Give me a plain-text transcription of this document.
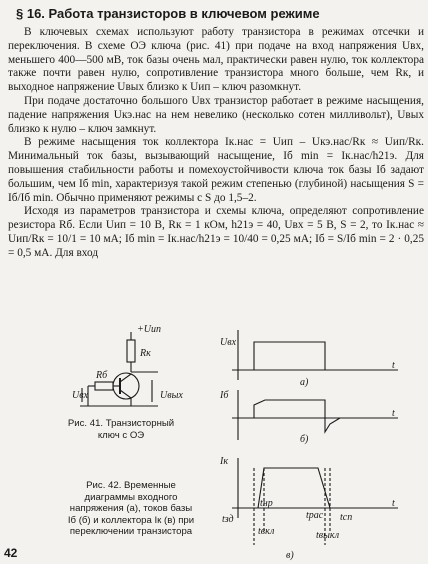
§ 16. Работа транзисторов в ключевом режиме

В ключевых схемах используют работу транзистора в режимах отсечки и переключения. В схеме ОЭ ключа (рис. 41) при подаче на вход напряжения Uвх, меньшего 400—500 мВ, ток базы очень мал, практически равен нулю, ток коллектора также почти равен нулю, сопротивление транзистора много больше, чем Rк, и выходное напряжение Uвых близко к Uип – ключ разомкнут.

При подаче достаточно большого Uвх транзистор работает в режиме насыщения, падение напряжения Uкэ.нас на нем невелико (несколько сотен милливольт), Uвых близко к нулю – ключ замкнут.

В режиме насыщения ток коллектора Iк.нас = Uип – Uкэ.нас/Rк ≈ Uип/Rк. Минимальный ток базы, вызывающий насыщение, Iб min = Iк.нас/h21э. Для повышения стабильности работы и помехоустойчивости ключа ток базы Iб задают большим, чем Iб min, характеризуя такой режим степенью (глубиной) насыщения S = Iб/Iб min. Обычно применяют режимы с S до 1,5–2.

Исходя из параметров транзистора и схемы ключа, определяют сопротивление резистора Rб. Если Uип = 10 В, Rк = 1 кОм, h21э = 40, Uвх = 5 В, S = 2, то Iк.нас ≈ Uип/Rк = 10/1 = 10 мА; Iб min = Iк.нас/h21э = 10/40 = 0,25 мА; Iб = S/Iб min = 2 · 0,25 = 0,5 мА. Для вход

+Uип
Rк
Rб
Uвх	Uвых
Uвх
Iб
Iк
t
t
t
а)
б)
в)
tзд
tнр
tвкл
tрас tсп
tвыкл
Рис. 41. Транзисторный ключ с ОЭ
Рис. 42. Временные диаграммы входного напряжения (а), токов базы Iб (б) и коллектора Iк (в) при переключении транзистора
42
